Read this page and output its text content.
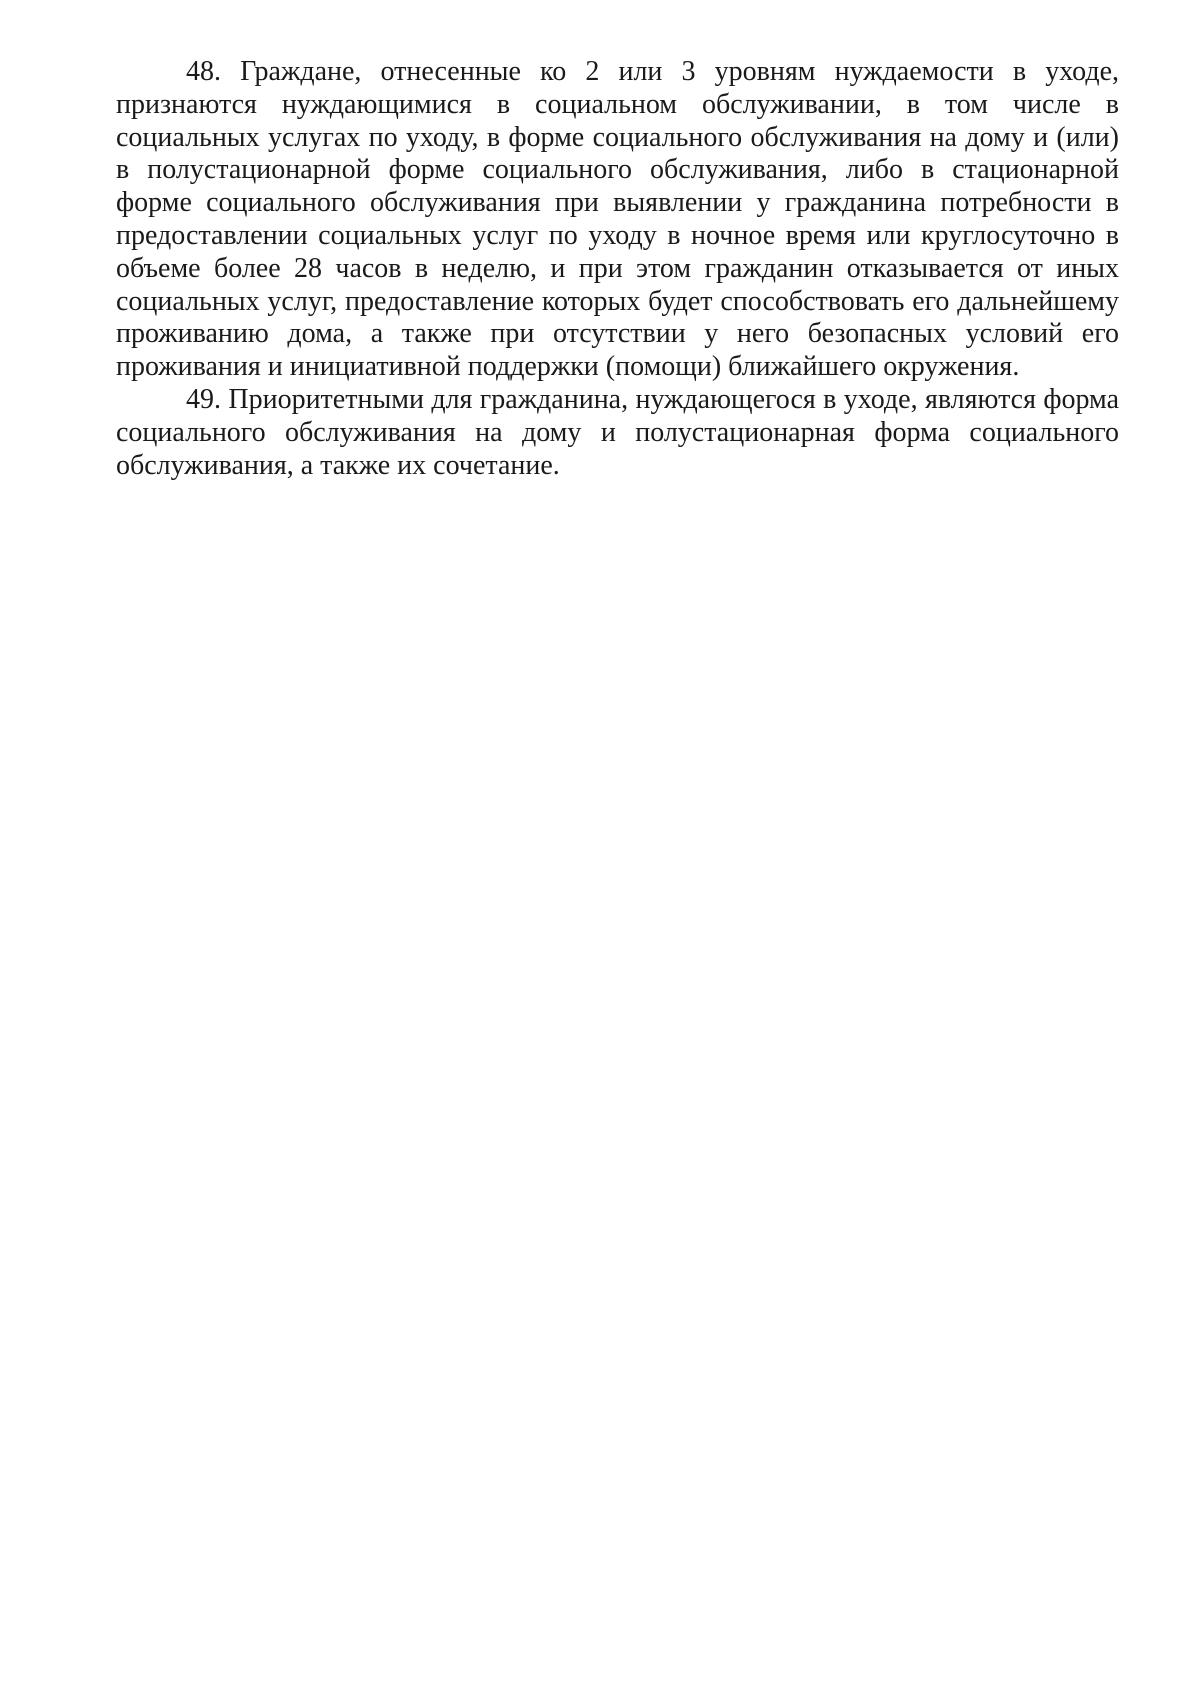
48. Граждане, отнесенные ко 2 или 3 уровням нуждаемости в уходе, признаются нуждающимися в социальном обслуживании, в том числе в социальных услугах по уходу, в форме социального обслуживания на дому и (или) в полустационарной форме социального обслуживания, либо в стационарной форме социального обслуживания при выявлении у гражданина потребности в предоставлении социальных услуг по уходу в ночное время или круглосуточно в объеме более 28 часов в неделю, и при этом гражданин отказывается от иных социальных услуг, предоставление которых будет способствовать его дальнейшему проживанию дома, а также при отсутствии у него безопасных условий его проживания и инициативной поддержки (помощи) ближайшего окружения.

49. Приоритетными для гражданина, нуждающегося в уходе, являются форма социального обслуживания на дому и полустационарная форма социального обслуживания, а также их сочетание.
